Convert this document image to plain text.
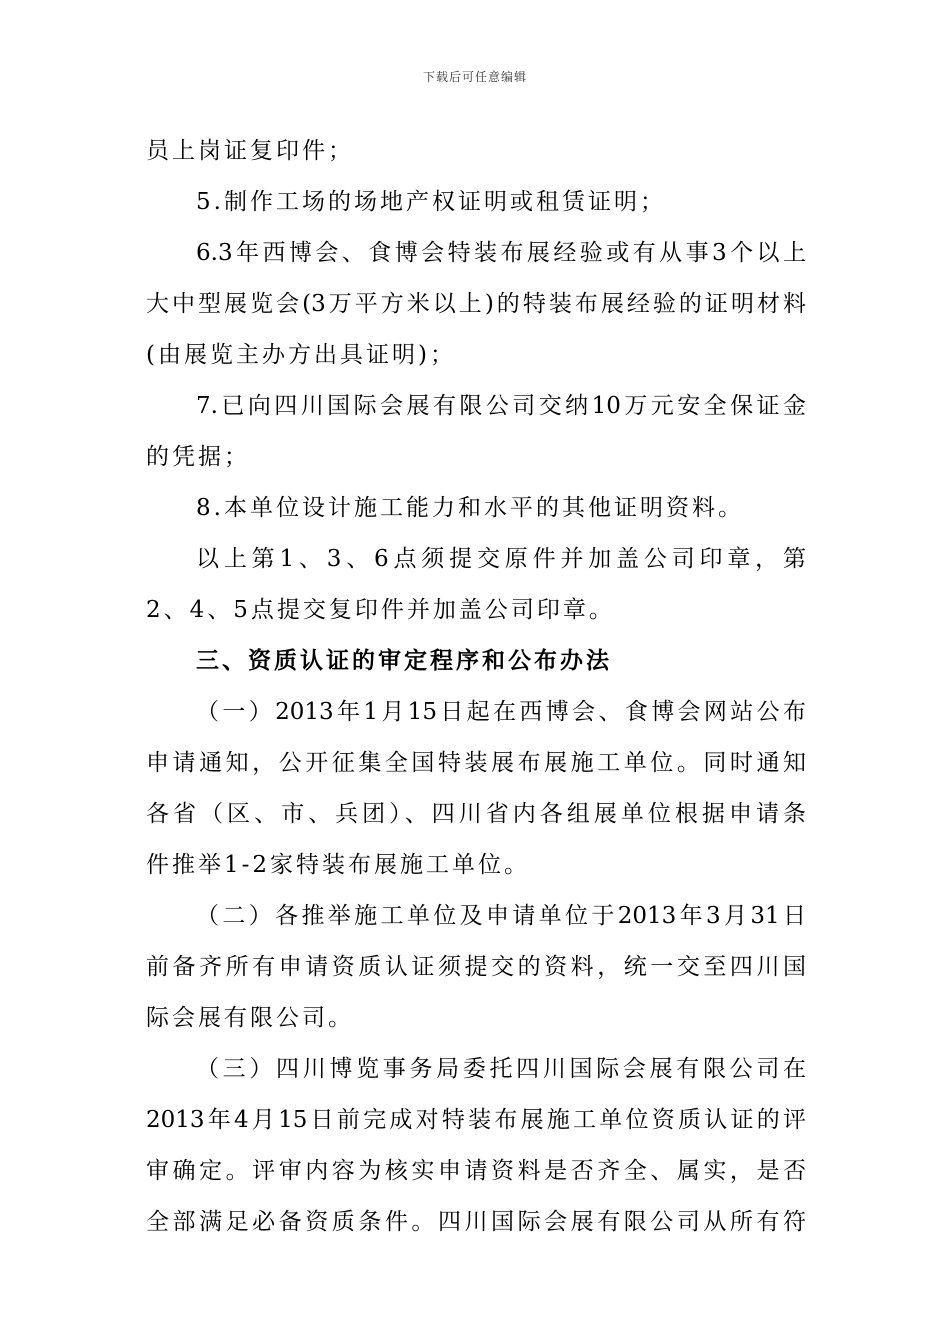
下载后可任意编辑
员上岗证复印件；
5.制作工场的场地产权证明或租赁证明；
6.3年西博会、食博会特装布展经验或有从事3个以上
大中型展览会(3万平方米以上)的特装布展经验的证明材料
(由展览主办方出具证明)；
7.已向四川国际会展有限公司交纳10万元安全保证金
的凭据；
8.本单位设计施工能力和水平的其他证明资料。
以上第1、3、6点须提交原件并加盖公司印章，第
2、4、5点提交复印件并加盖公司印章。
三、资质认证的审定程序和公布办法
（一）2013年1月15日起在西博会、食博会网站公布
申请通知，公开征集全国特装展布展施工单位。同时通知
各省（区、市、兵团）、四川省内各组展单位根据申请条
件推举1-2家特装布展施工单位。
（二）各推举施工单位及申请单位于2013年3月31日
前备齐所有申请资质认证须提交的资料，统一交至四川国
际会展有限公司。
（三）四川博览事务局委托四川国际会展有限公司在
2013年4月15日前完成对特装布展施工单位资质认证的评
审确定。评审内容为核实申请资料是否齐全、属实，是否
全部满足必备资质条件。四川国际会展有限公司从所有符
